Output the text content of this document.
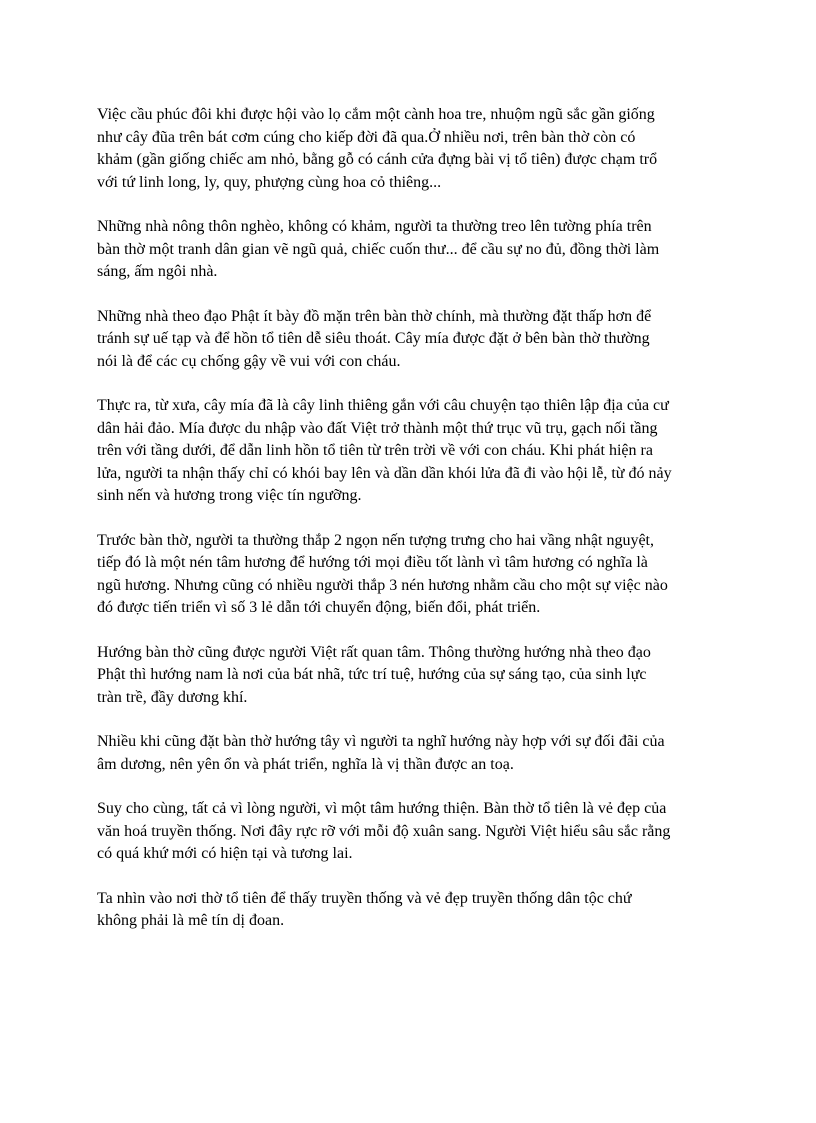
Việc cầu phúc đôi khi được hội vào lọ cắm một cành hoa tre, nhuộm ngũ sắc gần giống
như cây đũa trên bát cơm cúng cho kiếp đời đã qua.Ở nhiều nơi, trên bàn thờ còn có
khảm (gần giống chiếc am nhỏ, bằng gỗ có cánh cửa đựng bài vị tổ tiên) được chạm trổ
với tứ linh long, ly, quy, phượng cùng hoa cỏ thiêng...

Những nhà nông thôn nghèo, không có khảm, người ta thường treo lên tường phía trên
bàn thờ một tranh dân gian vẽ ngũ quả, chiếc cuốn thư... để cầu sự no đủ, đồng thời làm
sáng, ấm ngôi nhà.

Những nhà theo đạo Phật ít bày đồ mặn trên bàn thờ chính, mà thường đặt thấp hơn để
tránh sự uế tạp và để hồn tổ tiên dễ siêu thoát. Cây mía được đặt ở bên bàn thờ thường
nói là để các cụ chống gậy về vui với con cháu.

Thực ra, từ xưa, cây mía đã là cây linh thiêng gắn với câu chuyện tạo thiên lập địa của cư
dân hải đảo. Mía được du nhập vào đất Việt trở thành một thứ trục vũ trụ, gạch nối tầng
trên với tầng dưới, để dẫn linh hồn tổ tiên từ trên trời về với con cháu. Khi phát hiện ra
lửa, người ta nhận thấy chỉ có khói bay lên và dần dần khói lửa đã đi vào hội lễ, từ đó nảy
sinh nến và hương trong việc tín ngưỡng.

Trước bàn thờ, người ta thường thắp 2 ngọn nến tượng trưng cho hai vầng nhật nguyệt,
tiếp đó là một nén tâm hương để hướng tới mọi điều tốt lành vì tâm hương có nghĩa là
ngũ hương. Nhưng cũng có nhiều người thắp 3 nén hương nhằm cầu cho một sự việc nào
đó được tiến triển vì số 3 lẻ dẫn tới chuyển động, biến đổi, phát triển.

Hướng bàn thờ cũng được người Việt rất quan tâm. Thông thường hướng nhà theo đạo
Phật thì hướng nam là nơi của bát nhã, tức trí tuệ, hướng của sự sáng tạo, của sinh lực
tràn trề, đầy dương khí.

Nhiều khi cũng đặt bàn thờ hướng tây vì người ta nghĩ hướng này hợp với sự đối đãi của
âm dương, nên yên ổn và phát triển, nghĩa là vị thần được an toạ.

Suy cho cùng, tất cả vì lòng người, vì một tâm hướng thiện. Bàn thờ tổ tiên là vẻ đẹp của
văn hoá truyền thống. Nơi đây rực rỡ với mỗi độ xuân sang. Người Việt hiểu sâu sắc rằng
có quá khứ mới có hiện tại và tương lai.

Ta nhìn vào nơi thờ tổ tiên để thấy truyền thống và vẻ đẹp truyền thống dân tộc chứ
không phải là mê tín dị đoan.
